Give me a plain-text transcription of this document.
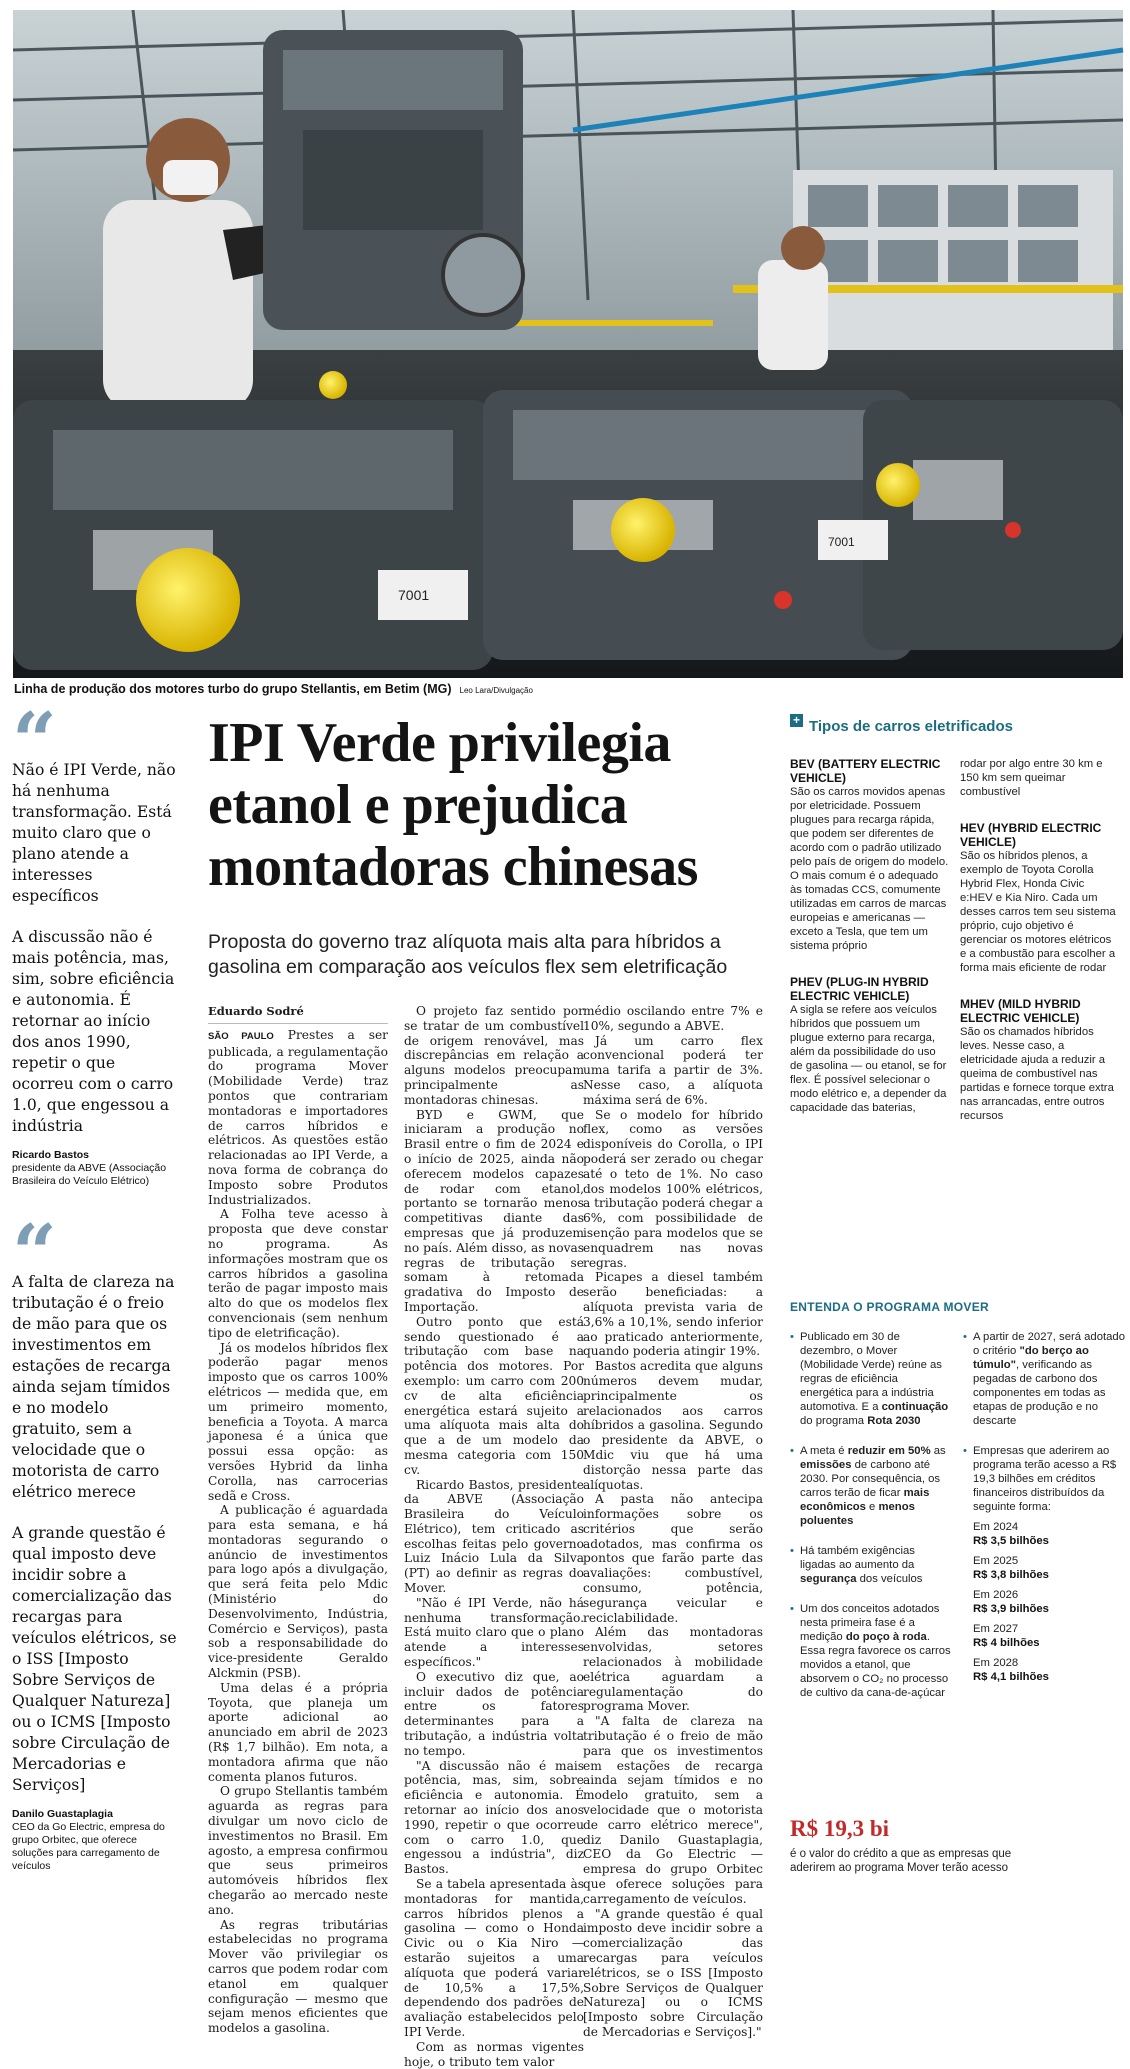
7001
7001
Linha de produção dos motores turbo do grupo Stellantis, em Betim (MG) Leo Lara/Divulgação
“
Não é IPI Verde, não há nenhuma transformação. Está muito claro que o plano atende a interesses específicos
A discussão não é mais potência, mas, sim, sobre eficiência e autonomia. É retornar ao início dos anos 1990, repetir o que ocorreu com o carro 1.0, que engessou a indústria
Ricardo Bastos
presidente da ABVE (Associação Brasileira do Veículo Elétrico)
“
A falta de clareza na tributação é o freio de mão para que os investimentos em estações de recarga ainda sejam tímidos e no modelo gratuito, sem a velocidade que o motorista de carro elétrico merece
A grande questão é qual imposto deve incidir sobre a comercialização das recargas para veículos elétricos, se o ISS [Imposto Sobre Serviços de Qualquer Natureza] ou o ICMS [Imposto sobre Circulação de Mercadorias e Serviços]
Danilo Guastaplagia
CEO da Go Electric, empresa do grupo Orbitec, que oferece soluções para carregamento de veículos
IPI Verde privilegia etanol e prejudica montadoras chinesas
Proposta do governo traz alíquota mais alta para híbridos a gasolina em comparação aos veículos flex sem eletrificação

Eduardo Sodré

SÃO PAULO Prestes a ser publicada, a regulamentação do programa Mover (Mobilidade Verde) traz pontos que contrariam montadoras e importadores de carros híbridos e elétricos. As questões estão relacionadas ao IPI Verde, a nova forma de cobrança do Imposto sobre Produtos Industrializados.

A Folha teve acesso à proposta que deve constar no programa. As informações mostram que os carros híbridos a gasolina terão de pagar imposto mais alto do que os modelos flex convencionais (sem nenhum tipo de eletrificação).

Já os modelos híbridos flex poderão pagar menos imposto que os carros 100% elétricos — medida que, em um primeiro momento, beneficia a Toyota. A marca japonesa é a única que possui essa opção: as versões Hybrid da linha Corolla, nas carrocerias sedã e Cross.

A publicação é aguardada para esta semana, e há montadoras segurando o anúncio de investimentos para logo após a divulgação, que será feita pelo Mdic (Ministério do Desenvolvimento, Indústria, Comércio e Serviços), pasta sob a responsabilidade do vice-presidente Geraldo Alckmin (PSB).

Uma delas é a própria Toyota, que planeja um aporte adicional ao anunciado em abril de 2023 (R$ 1,7 bilhão). Em nota, a montadora afirma que não comenta planos futuros.

O grupo Stellantis também aguarda as regras para divulgar um novo ciclo de investimentos no Brasil. Em agosto, a empresa confirmou que seus primeiros automóveis híbridos flex chegarão ao mercado neste ano.

As regras tributárias estabelecidas no programa Mover vão privilegiar os carros que podem rodar com etanol em qualquer configuração — mesmo que sejam menos eficientes que modelos a gasolina.

O projeto faz sentido por se tratar de um combustível de origem renovável, mas discrepâncias em relação a alguns modelos preocupam principalmente as montadoras chinesas.

BYD e GWM, que iniciaram a produção no Brasil entre o fim de 2024 e o início de 2025, ainda não oferecem modelos capazes de rodar com etanol, portanto se tornarão menos competitivas diante das empresas que já produzem no país. Além disso, as novas regras de tributação se somam à retomada gradativa do Imposto de Importação.

Outro ponto que está sendo questionado é a tributação com base na potência dos motores. Por exemplo: um carro com 200 cv de alta eficiência energética estará sujeito a uma alíquota mais alta do que a de um modelo da mesma categoria com 150 cv.

Ricardo Bastos, presidente da ABVE (Associação Brasileira do Veículo Elétrico), tem criticado as escolhas feitas pelo governo Luiz Inácio Lula da Silva (PT) ao definir as regras do Mover.

"Não é IPI Verde, não há nenhuma transformação. Está muito claro que o plano atende a interesses específicos."

O executivo diz que, ao incluir dados de potência entre os fatores determinantes para a tributação, a indústria volta no tempo.

"A discussão não é mais potência, mas, sim, sobre eficiência e autonomia. É retornar ao início dos anos 1990, repetir o que ocorreu com o carro 1.0, que engessou a indústria", diz Bastos.

Se a tabela apresentada às montadoras for mantida, carros híbridos plenos a gasolina — como o Honda Civic ou o Kia Niro — estarão sujeitos a uma alíquota que poderá variar de 10,5% a 17,5%, dependendo dos padrões de avaliação estabelecidos pelo IPI Verde.

Com as normas vigentes hoje, o tributo tem valor

médio oscilando entre 7% e 10%, segundo a ABVE.

Já um carro flex convencional poderá ter uma tarifa a partir de 3%. Nesse caso, a alíquota máxima será de 6%.

Se o modelo for híbrido flex, como as versões disponíveis do Corolla, o IPI poderá ser zerado ou chegar até o teto de 1%. No caso dos modelos 100% elétricos, a tributação poderá chegar a 6%, com possibilidade de isenção para modelos que se enquadrem nas novas regras.

Picapes a diesel também serão beneficiadas: a alíquota prevista varia de 3,6% a 10,1%, sendo inferior ao praticado anteriormente, quando poderia atingir 19%.

Bastos acredita que alguns números devem mudar, principalmente os relacionados aos carros híbridos a gasolina. Segundo o presidente da ABVE, o Mdic viu que há uma distorção nessa parte das alíquotas.

A pasta não antecipa informações sobre os critérios que serão adotados, mas confirma os pontos que farão parte das avaliações: combustível, consumo, potência, segurança veicular e reciclabilidade.

Além das montadoras envolvidas, setores relacionados à mobilidade elétrica aguardam a regulamentação do programa Mover.

"A falta de clareza na tributação é o freio de mão para que os investimentos em estações de recarga ainda sejam tímidos e no modelo gratuito, sem a velocidade que o motorista de carro elétrico merece", diz Danilo Guastaplagia, CEO da Go Electric — empresa do grupo Orbitec que oferece soluções para carregamento de veículos.

"A grande questão é qual imposto deve incidir sobre a comercialização das recargas para veículos elétricos, se o ISS [Imposto Sobre Serviços de Qualquer Natureza] ou o ICMS [Imposto sobre Circulação de Mercadorias e Serviços]."

+ Tipos de carros eletrificados
BEV (BATTERY ELECTRIC VEHICLE)

São os carros movidos apenas por eletricidade. Possuem plugues para recarga rápida, que podem ser diferentes de acordo com o padrão utilizado pelo país de origem do modelo. O mais comum é o adequado às tomadas CCS, comumente utilizadas em carros de marcas europeias e americanas — exceto a Tesla, que tem um sistema próprio

PHEV (PLUG-IN HYBRID ELECTRIC VEHICLE)

A sigla se refere aos veículos híbridos que possuem um plugue externo para recarga, além da possibilidade do uso de gasolina — ou etanol, se for flex. É possível selecionar o modo elétrico e, a depender da capacidade das baterias,

rodar por algo entre 30 km e 150 km sem queimar combustível

HEV (HYBRID ELECTRIC VEHICLE)

São os híbridos plenos, a exemplo de Toyota Corolla Hybrid Flex, Honda Civic e:HEV e Kia Niro. Cada um desses carros tem seu sistema próprio, cujo objetivo é gerenciar os motores elétricos e a combustão para escolher a forma mais eficiente de rodar

MHEV (MILD HYBRID ELECTRIC VEHICLE)

São os chamados híbridos leves. Nesse caso, a eletricidade ajuda a reduzir a queima de combustível nas partidas e fornece torque extra nas arrancadas, entre outros recursos

ENTENDA O PROGRAMA MOVER
• Publicado em 30 de dezembro, o Mover (Mobilidade Verde) reúne as regras de eficiência energética para a indústria automotiva. E a continuação do programa Rota 2030
• A meta é reduzir em 50% as emissões de carbono até 2030. Por consequência, os carros terão de ficar mais econômicos e menos poluentes
• Há também exigências ligadas ao aumento da segurança dos veículos
• Um dos conceitos adotados nesta primeira fase é a medição do poço à roda. Essa regra favorece os carros movidos a etanol, que absorvem o CO₂ no processo de cultivo da cana-de-açúcar
• A partir de 2027, será adotado o critério "do berço ao túmulo", verificando as pegadas de carbono dos componentes em todas as etapas de produção e no descarte
• Empresas que aderirem ao programa terão acesso a R$ 19,3 bilhões em créditos financeiros distribuídos da seguinte forma:
Em 2024
R$ 3,5 bilhões
Em 2025
R$ 3,8 bilhões
Em 2026
R$ 3,9 bilhões
Em 2027
R$ 4 bilhões
Em 2028
R$ 4,1 bilhões
R$ 19,3 bi
é o valor do crédito a que as empresas que aderirem ao programa Mover terão acesso
